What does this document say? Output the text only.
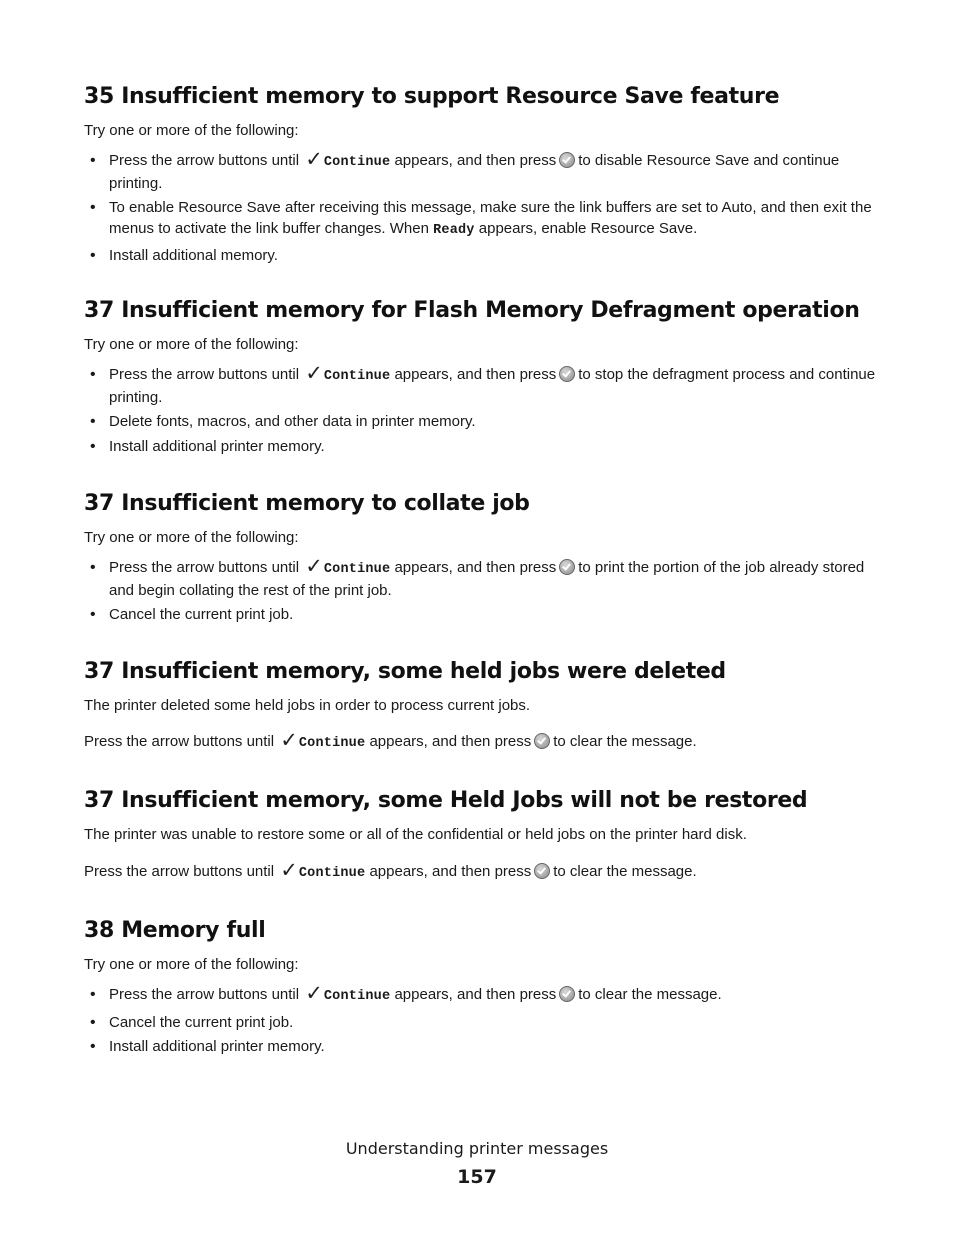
35 Insufficient memory to support Resource Save feature

Try one or more of the following:

• Press the arrow buttons until ✓Continue appears, and then press to disable Resource Save and continue printing.
• To enable Resource Save after receiving this message, make sure the link buffers are set to Auto, and then exit the menus to activate the link buffer changes. When Ready appears, enable Resource Save.
• Install additional memory.
37 Insufficient memory for Flash Memory Defragment operation

Try one or more of the following:

• Press the arrow buttons until ✓Continue appears, and then press to stop the defragment process and continue printing.
• Delete fonts, macros, and other data in printer memory.
• Install additional printer memory.
37 Insufficient memory to collate job

Try one or more of the following:

• Press the arrow buttons until ✓Continue appears, and then press to print the portion of the job already stored and begin collating the rest of the print job.
• Cancel the current print job.
37 Insufficient memory, some held jobs were deleted

The printer deleted some held jobs in order to process current jobs.

Press the arrow buttons until ✓Continue appears, and then press to clear the message.

37 Insufficient memory, some Held Jobs will not be restored

The printer was unable to restore some or all of the confidential or held jobs on the printer hard disk.

Press the arrow buttons until ✓Continue appears, and then press to clear the message.

38 Memory full

Try one or more of the following:

• Press the arrow buttons until ✓Continue appears, and then press to clear the message.
• Cancel the current print job.
• Install additional printer memory.
Understanding printer messages
157
